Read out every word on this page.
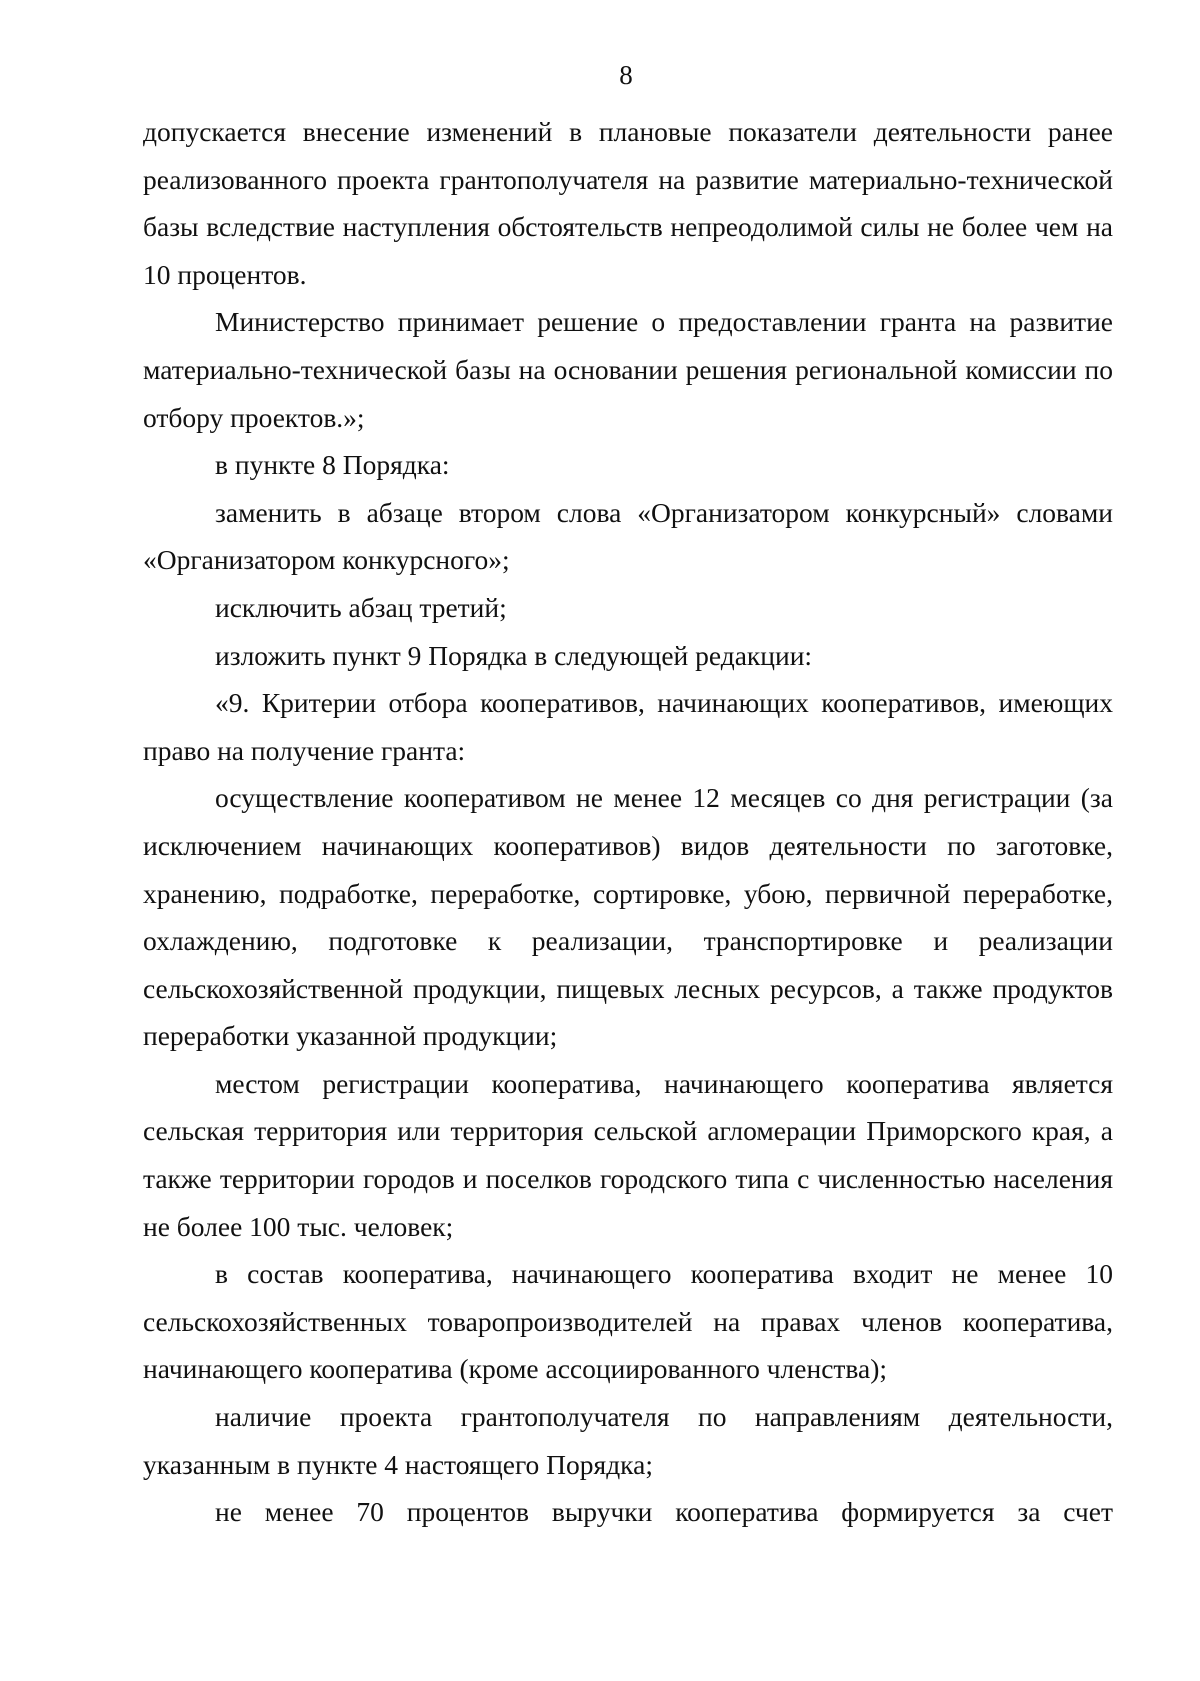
8

допускается внесение изменений в плановые показатели деятельности ранее реализованного проекта грантополучателя на развитие материально-технической базы вследствие наступления обстоятельств непреодолимой силы не более чем на 10 процентов.

Министерство принимает решение о предоставлении гранта на развитие материально-технической базы на основании решения региональной комиссии по отбору проектов.»;

в пункте 8 Порядка:

заменить в абзаце втором слова «Организатором конкурсный» словами «Организатором конкурсного»;

исключить абзац третий;

изложить пункт 9 Порядка в следующей редакции:

«9. Критерии отбора кооперативов, начинающих кооперативов, имеющих право на получение гранта:

осуществление кооперативом не менее 12 месяцев со дня регистрации (за исключением начинающих кооперативов) видов деятельности по заготовке, хранению, подработке, переработке, сортировке, убою, первичной переработке, охлаждению, подготовке к реализации, транспортировке и реализации сельскохозяйственной продукции, пищевых лесных ресурсов, а также продуктов переработки указанной продукции;

местом регистрации кооператива, начинающего кооператива является сельская территория или территория сельской агломерации Приморского края, а также территории городов и поселков городского типа с численностью населения не более 100 тыс. человек;

в состав кооператива, начинающего кооператива входит не менее 10 сельскохозяйственных товаропроизводителей на правах членов кооператива, начинающего кооператива (кроме ассоциированного членства);

наличие проекта грантополучателя по направлениям деятельности, указанным в пункте 4 настоящего Порядка;

не менее 70 процентов выручки кооператива формируется за счет
